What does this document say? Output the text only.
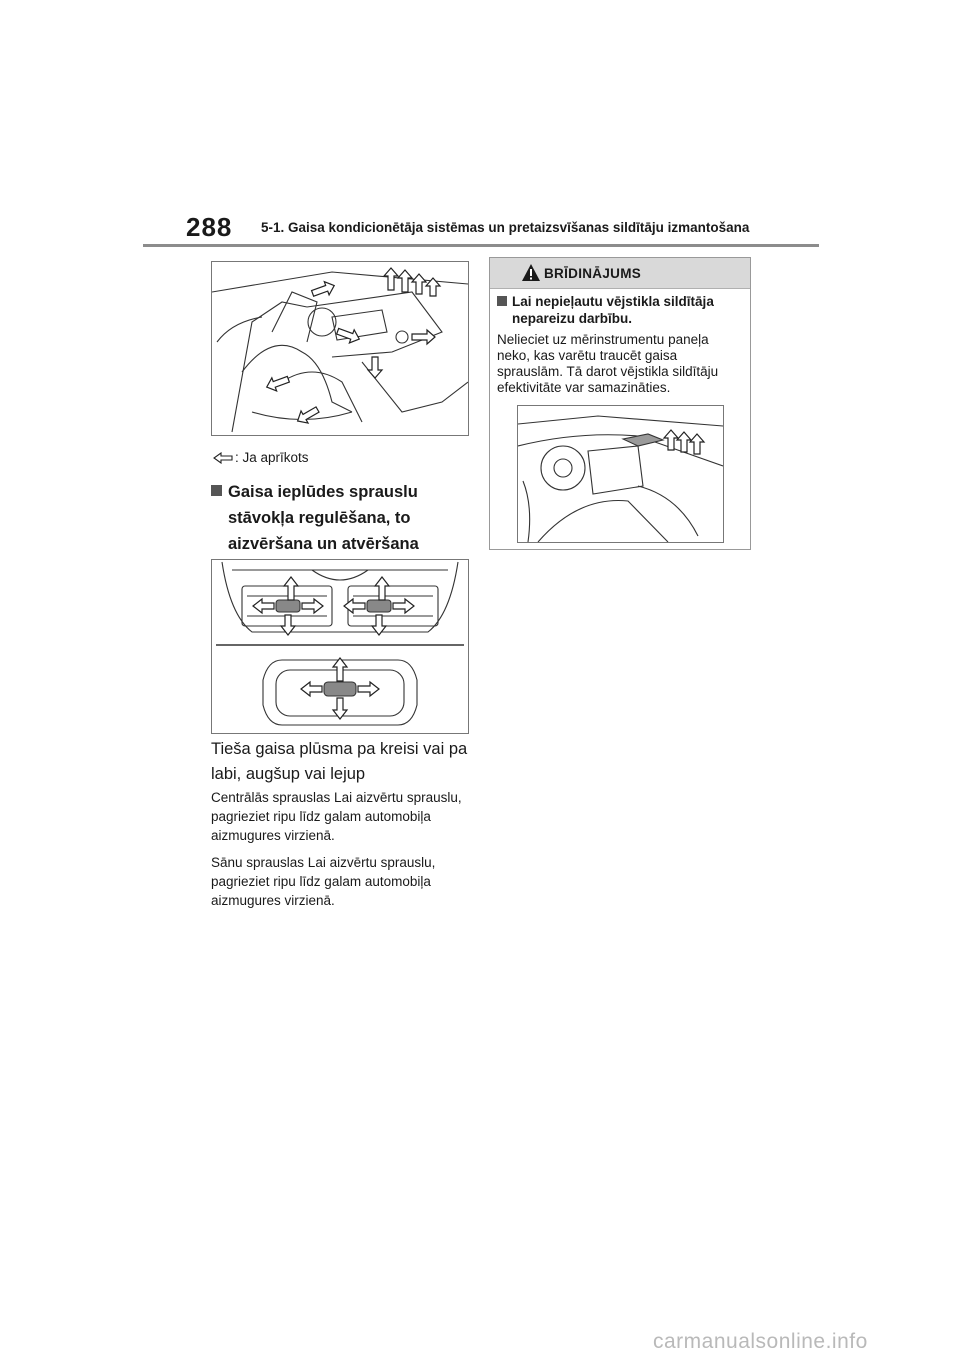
288 5-1. Gaisa kondicionētāja sistēmas un pretaizsvīšanas sildītāju izmantošana
: Ja aprīkots
Gaisa ieplūdes sprauslu stāvokļa regulēšana, to aizvēršana un atvēršana
Tieša gaisa plūsma pa kreisi vai pa labi, augšup vai lejup
Centrālās sprauslas Lai aizvērtu sprauslu, pagrieziet ripu līdz galam automobiļa aizmugures virzienā.
Sānu sprauslas Lai aizvērtu sprauslu, pagrieziet ripu līdz galam automobiļa aizmugures virzienā.
BRĪDINĀJUMS
Lai nepieļautu vējstikla sildītāja nepareizu darbību.
Nelieciet uz mērinstrumentu paneļa neko, kas varētu traucēt gaisa sprauslām. Tā darot vējstikla sildītāju efektivitāte var samazināties.
carmanualsonline.info
